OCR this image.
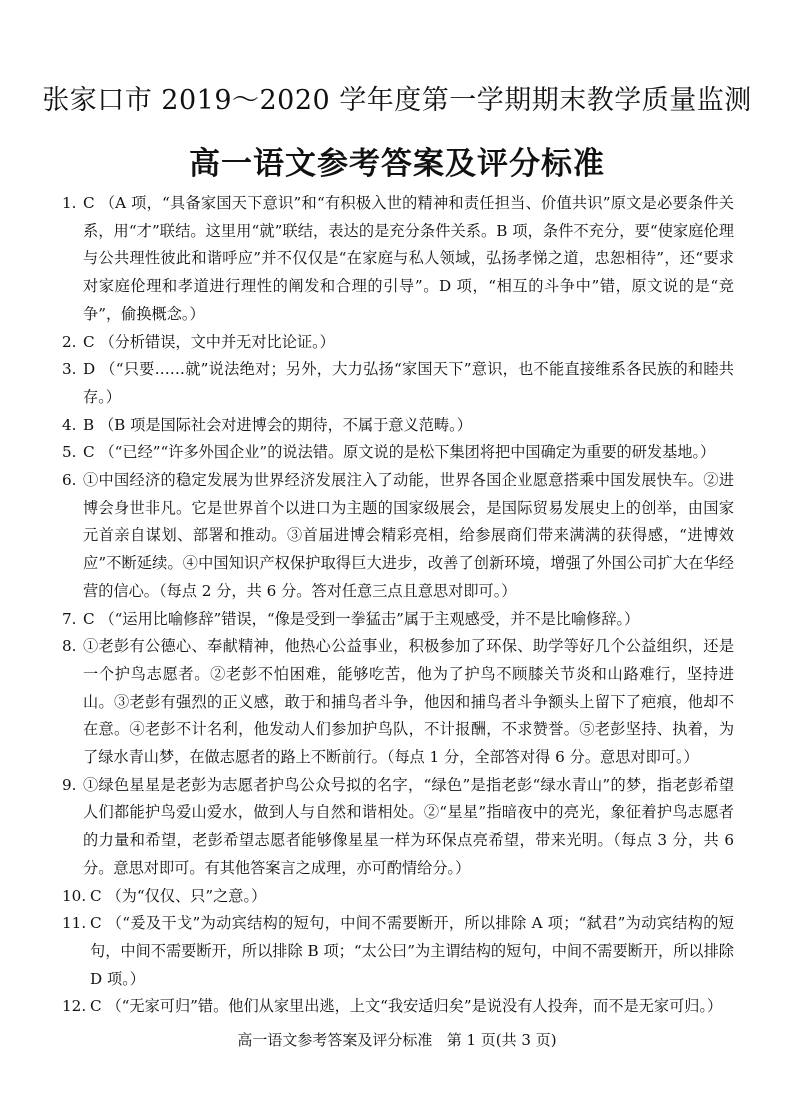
张家口市 2019～2020 学年度第一学期期末教学质量监测
高一语文参考答案及评分标准
1. C （A 项，“具备家国天下意识”和“有积极入世的精神和责任担当、价值共识”原文是必要条件关系，用“才”联结。这里用“就”联结，表达的是充分条件关系。B 项，条件不充分，要“使家庭伦理与公共理性彼此和谐呼应”并不仅仅是“在家庭与私人领域，弘扬孝悌之道，忠恕相待”，还“要求对家庭伦理和孝道进行理性的阐发和合理的引导”。D 项，“相互的斗争中”错，原文说的是“竞争”，偷换概念。）
2. C （分析错误，文中并无对比论证。）
3. D （“只要……就”说法绝对；另外，大力弘扬“家国天下”意识，也不能直接维系各民族的和睦共存。）
4. B （B 项是国际社会对进博会的期待，不属于意义范畴。）
5. C （“已经”“许多外国企业”的说法错。原文说的是松下集团将把中国确定为重要的研发基地。）
6. ①中国经济的稳定发展为世界经济发展注入了动能，世界各国企业愿意搭乘中国发展快车。②进博会身世非凡。它是世界首个以进口为主题的国家级展会，是国际贸易发展史上的创举，由国家元首亲自谋划、部署和推动。③首届进博会精彩亮相，给参展商们带来满满的获得感，“进博效应”不断延续。④中国知识产权保护取得巨大进步，改善了创新环境，增强了外国公司扩大在华经营的信心。（每点 2 分，共 6 分。答对任意三点且意思对即可。）
7. C （“运用比喻修辞”错误，“像是受到一拳猛击”属于主观感受，并不是比喻修辞。）
8. ①老彭有公德心、奉献精神，他热心公益事业，积极参加了环保、助学等好几个公益组织，还是一个护鸟志愿者。②老彭不怕困难，能够吃苦，他为了护鸟不顾膝关节炎和山路难行，坚持进山。③老彭有强烈的正义感，敢于和捕鸟者斗争，他因和捕鸟者斗争额头上留下了疤痕，他却不在意。④老彭不计名利，他发动人们参加护鸟队，不计报酬，不求赞誉。⑤老彭坚持、执着，为了绿水青山梦，在做志愿者的路上不断前行。（每点 1 分，全部答对得 6 分。意思对即可。）
9. ①绿色星星是老彭为志愿者护鸟公众号拟的名字，“绿色”是指老彭“绿水青山”的梦，指老彭希望人们都能护鸟爱山爱水，做到人与自然和谐相处。②“星星”指暗夜中的亮光，象征着护鸟志愿者的力量和希望，老彭希望志愿者能够像星星一样为环保点亮希望，带来光明。（每点 3 分，共 6 分。意思对即可。有其他答案言之成理，亦可酌情给分。）
10. C （为“仅仅、只”之意。）
11. C （“爰及干戈”为动宾结构的短句，中间不需要断开，所以排除 A 项；“弑君”为动宾结构的短句，中间不需要断开，所以排除 B 项；“太公曰”为主谓结构的短句，中间不需要断开，所以排除 D 项。）
12. C （“无家可归”错。他们从家里出逃，上文“我安适归矣”是说没有人投奔，而不是无家可归。）
高一语文参考答案及评分标准 第 1 页(共 3 页)
